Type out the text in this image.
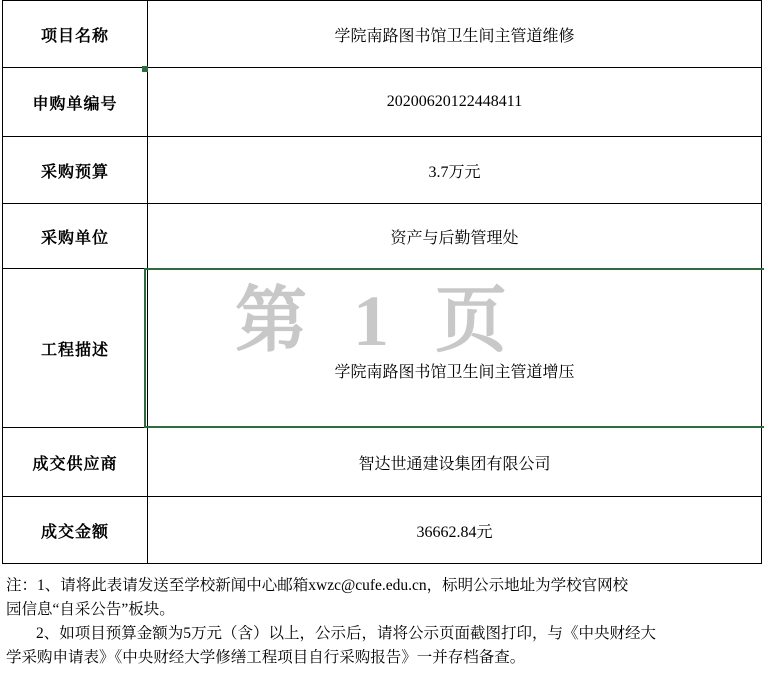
第 1 页
项目名称	学院南路图书馆卫生间主管道维修
申购单编号	20200620122448411
采购预算	3.7万元
采购单位	资产与后勤管理处
工程描述	学院南路图书馆卫生间主管道增压

成交供应商	智达世通建设集团有限公司
成交金额	36662.84元

注：1、请将此表请发送至学校新闻中心邮箱xwzc@cufe.edu.cn，标明公示地址为学校官网校

园信息“自采公告”板块。

2、如项目预算金额为5万元（含）以上，公示后，请将公示页面截图打印，与《中央财经大

学采购申请表》《中央财经大学修缮工程项目自行采购报告》一并存档备查。
